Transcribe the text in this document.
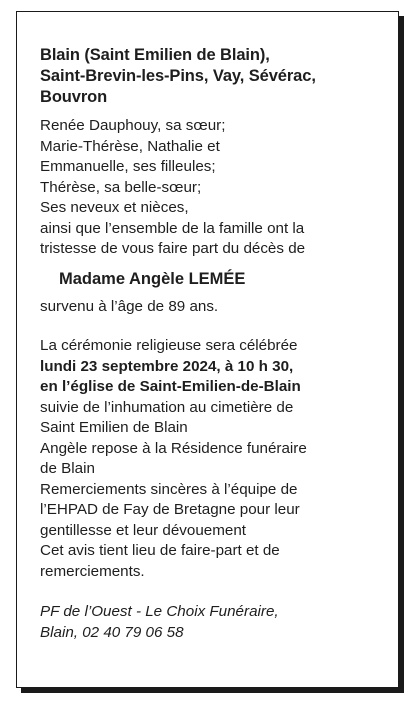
Blain (Saint Emilien de Blain),
Saint-Brevin-les-Pins, Vay, Sévérac,
Bouvron
Renée Dauphouy, sa sœur;
Marie-Thérèse, Nathalie et
Emmanuelle, ses filleules;
Thérèse, sa belle-sœur;
Ses neveux et nièces,
ainsi que l’ensemble de la famille ont la
tristesse de vous faire part du décès de
Madame Angèle LEMÉE
survenu à l’âge de 89 ans.
La cérémonie religieuse sera célébrée
lundi 23 septembre 2024, à 10 h 30,
en l’église de Saint-Emilien-de-Blain
suivie de l’inhumation au cimetière de
Saint Emilien de Blain
Angèle repose à la Résidence funéraire
de Blain
Remerciements sincères à l’équipe de
l’EHPAD de Fay de Bretagne pour leur
gentillesse et leur dévouement
Cet avis tient lieu de faire-part et de
remerciements.
PF de l’Ouest - Le Choix Funéraire,
Blain, 02 40 79 06 58
